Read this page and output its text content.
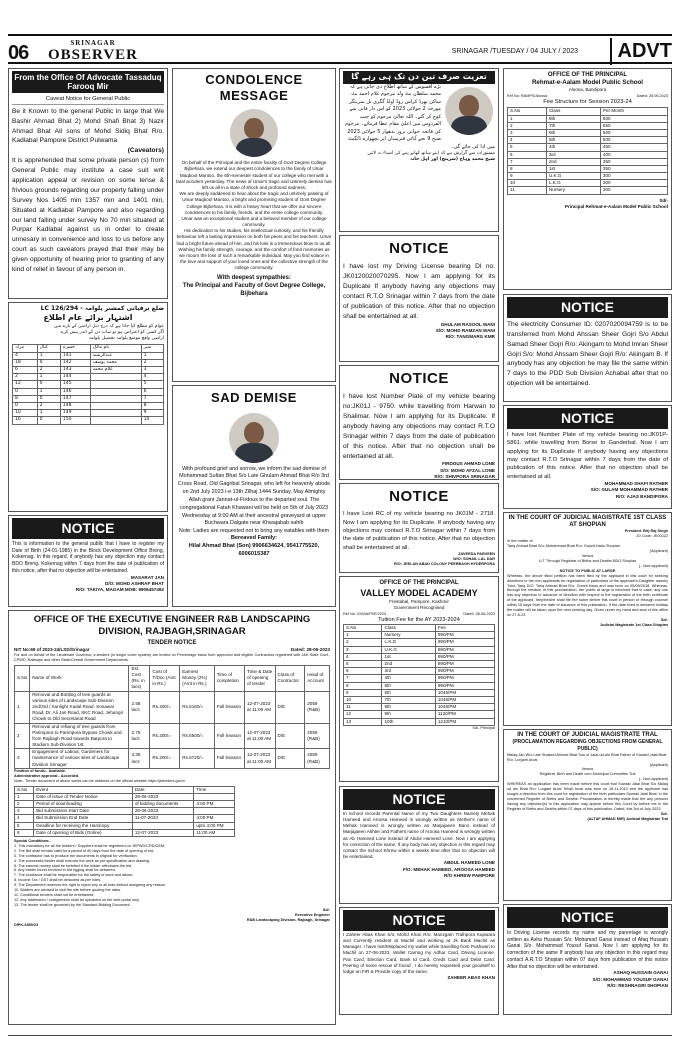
06	SRINAGAR
OBSERVER	SRINAGAR /TUESDAY / 04 JULY / 2023	ADVT
From the Office Of Advocate Tassaduq Farooq Mir
Caveat Notice for General Public
Be it Known to the general Public in large that We Bashir Ahmad Bhat 2) Mohd Shafi Bhat 3) Nazir Ahmad Bhat All sons of Mohd Sidiq Bhat R/o. Kadlabal Pampore District Pulwama
(Caveators)
It is apprehended that some private person (s) from General Public may institute a case suit writ application appeal or revision on some tense & frivlous grounds regarding our property falling under Survey Nos 1405 min 1357 min and 1401 min, Situated at Kadlabal Pampore and also regarding our land falling under survey No 70 min situated at Purpar Kadlabal against us in order to create unnesary in convenience and loss to us before any court as such caveators prayed that their may be given opportunity of hearing prior to granting of any kind of relief in favour of any person in.
ضلع ترقیاتی کمشنر پلوامہ - 126/294 LC
اشتہار برائے عام اطلاع
عوام کو مطلع کیا جاتا ہے کہ درج ذیل اراضی کے بارے میں
اگر کسی کو اعتراض ہو تو سات دن کے اندر پیش کرے
اراضی واقع موضع پلوامہ تحصیل پلوامہ
نمبر	نام مالک	خسرہ	کنال	مرلہ
1	عبدالرشید	141	1	4
2	محمد یوسف	142	0	18
3	غلام محمد	143	2	6
4		144	1	2
5		145	0	12
6		146	1	0
7		147	0	8
8		148	2	0
9		149	1	10
10		150	0	16
NOTICE
This is information to the general public that I have to register my Date of Birth (24-01-1985) in the Block Development Office Breng, Kokernag. In this regard, if anybody has any objection may contact BDO Breng, Kokernag within 7 days from the date of publication of this notice, after that no objection will be entertained.
MASARAT JAN
D/O: MOHD ASHRAF BHAT
R/O: TAKIYA, MAGAM MOB: 9906457492
CONDOLENCE MESSAGE
On behalf of the Principal and the entire faculty of Govt Degree College Bijbehara, we extend our deepest condolences to the family of Umar Maqbool Mantoo, the 6th-semester student of our college who met with a fatal accident yesterday. The news of Umar's tragic and untimely demise has left us all in a state of shock and profound sadness.
We are deeply saddened to hear about the tragic and untimely passing of Umar Maqbool Mantoo, a bright and promising student of Govt Degree College Bijbehara. It is with a heavy heart that we offer our sincere condolences to his family, friends, and the entire college community.
Umar was an exceptional student and a beloved member of our college community.
His dedication to his studies, his intellectual curiosity, and his friendly behaviour left a lasting impression on both his peers and his teachers. Umar had a bright future ahead of him, and his loss is a tremendous blow to us all.
Wishing his family strength, courage, and the comfort of fond memories as we mourn the loss of such a remarkable individual. May you find solace in the love and support of your loved ones and the collective strength of the college community.
With deepest sympathies:
The Principal and Faculty of Govt Degree College, Bijbehara
SAD DEMISE
With profound grief and sorrow, we inform the sad demise of Mohammad Sultan Bhat S/o Late Ghulam Ahmad Bhat R/o 3rd Cross Road, Old Gagribal Srinagar, who left for heavenly abode on 2nd July 2023 i-e 13th Zilhaj 1444 Sunday. May Almighty Allah grant Jannat-ul-Firdous to the departed soul. The congregational Fatah Khawani will be held on 5th of July 2023 Wednesday at 9:00 AM at their ancestral graveyard at upper Buchwara Dalgate near Khwajabab sahib
Note: Ladies are requested not to bring any eatables with them
Bereaved Family:
Hilal Ahmad Bhat (Son) 9906634624, 9541775520, 6006015387
تعزیت صرف تین دن تک ہی رہے گا
بڑے افسوس کے ساتھ اطلاع دی جاتی ہے کہ محمد سلطان بٹ ولد مرحوم غلام احمد بٹ ساکن تھرڈ کراس روڈ اولڈ گگری بل سرینگر مورخہ 2 جولائی 2023 کو اس دار فانی سے کوچ کر گئے۔ اللہ تعالیٰ مرحوم کو جنت الفردوس میں اعلیٰ مقام عطا فرمائے۔ مرحوم کی فاتحہ خوانی بروز بدھوار 5 جولائی 2023 صبح 9 بجے آبائی قبرستان اپر بچھوارہ ڈلگیٹ میں ادا کی جائے گی۔
مستورات سے گزارش ہے کہ اپنے ساتھ کھانے پینے کی اشیاء نہ لائیں
شیخ محمد وہاج (سرپنچ) اور اہل خانہ
NOTICE
I have lost my Driving License bearing Dl no: JK0120020070295. Now I am applying for its Duplicate If anybody having any objections may contact R.T.O Srinagar within 7 days from the date of publication of this notice. After that no objection shall be entertained at all.
GHULAM RASOOL WANI
S/O: MOHD RAMZAN WANI
R/O: TANGMARG KMR
NOTICE
I have lost Number Plate of my vehicle bearing no:JK01J - 9750. while travelling from Harwan to Shalimar. Now I am applying for its Duplicate. If anybody having any objections may contact R.T.O Srinagar within 7 days from the date of publication of this notice. After that no objection shall be entertained at all.
FIRDOUS AHMAD LONE
S/O: MOHD AFZAL LONE
R/O: SHIVPORA SRINAGAR
NOTICE
I have Lost RC of my vehicle bearing no JK01M - 2718. Now I am applying for its Duplicate. If anybody having any objections may contact R.T.O Srinagar within 7 days from the date of publication of this notice. After that no objection shall be entertained at all.
ZAVEEDA PARVEEN
W/O: SOHAIL LAL DAR
R/O: JEELAN ABAD COLONY PEERBAGH HYDERPORA
OFFICE OF THE PRINCIPAL
VALLEY MODEL ACADEMY
Frestabal, Pampore, Kashmir
Government Recognised
Ref No: GVMA/FEE/2023	Dated: 28-06-2023
Tuition Fee for the AY 2023-2024
S.No	Class	Fee
1	Nursery	990/PM
2	L.K.G	990/PM
3	U.K.G	990/PM
4	1st	990/PM
5	2nd	990/PM
6	3rd	990/PM
7	4th	990/PM
8	5th	990/PM
9	6th	1045/PM
10	7th	1045/PM
11	8th	1045/PM
12	9th	1120/PM
13	10th	1210/PM
Sd/- Principal
NOTICE
In School records Parental Name of my Two Daughters Namely Mehak Hameed and Aroosa Hameed is wrongly written as Mother's name of Mehak Hameed is wrongly written as Marjajaeen Bano instead of Marjajaeen Akhter and Fathers name of Aroosa Hameed is wrongly written as Ab Hameed Lone instead of Abdul Hameed Lone. Now I am applying for correction of the same, If any body has any objection in this regard may contact the School Khrew within a weeks time after that no objection will be entertained.
ABDUL HAMEED LONE
F/O: MEHAK HAMEED, AROOSA HAMEED
R/O KHREW PAMPORE
NOTICE
I Zaheer Abas Khan S/o: Mohd Khan R/o: Manzgam Tralhpora Kupwara and Currently resident at Machil and working at Jk Bank Machil as Manager. I have lost/Misplaced my wallet while travelling from Pushwari to Machil on 27-06-2023. Wallet Carring my Adhar Card, Driving License, Pan Card, Election Card, Bank Id Card, Credit Card and Debit Card. Peering of some rescue of found , I do hereby requested your goodself to lodge an FIR & Provide copy of the same.
ZAHEER ABAS KHAN
OFFICE OF THE PRINCIPAL
Rehmat-e-Aalam Model Public School
Aloosa, Bandipora
Ref No: RAMPS/Aloosa	Dated: 28.06.2023
Fee Structure for Session 2023-24
S.No	Class	Per Month
1	8th	600
2	7th	550
3	6th	500
4	5th	500
5	4th	450
6	3rd	400
7	2nd	350
8	1st	350
9	U.K.G	300
10	L.K.G	300
11	Nursery	300
Sd/-
Principal Rehmat-e-Aalam Model Public School
NOTICE
The electricity Consumer ID: 0207020094759 is to be transferred from Mohd Ahssan Sheer Gojri S/o Abdul Samad Sheer Gojri R/o: Akingam to Mohd Imran Sheer Gojri S/o: Mohd Ahssam Sheer Gojri R/o: Akingam B. If anybody has any objection he may file the same within 7 days to the PDD Sub Division Achabal after that no objection will be entertained.
NOTICE
I have lost Number Plate of my vehicle bearing no:JK01P-5861. while travelling from Borse to Ganderbal. Now I am applying for its Duplicate If anybody having any objections may contact R.T.O Srinagar within 7 days from the date of publication of this notice. After that no objection shall be entertained at all.
MOHAMMAD SHAFI RATHER
S/O: GULAM MOHAMMAD RATHER
R/O: AJAS BANDIPORA
IN THE COURT OF JUDICIAL MAGISTRATE 1ST CLASS AT SHOPIAN
Presided: Brij Raj Singh
JO Code: JK00222
In the matter of
Tariq Ahmad Bhat S/o: Mohammad Bhat R/o: Gunzil-Hadu Shopian
(Applicant)
Versus
U.T Through Registrar of Births and Deaths BDO Shopian
(...Non-applicant)
NOTICE TO PUBLIC AT LARGE
Whereas, the above titled petition has been filed by the applicant in this court for seeking directions to the non-applicants for registration of particulars of the applicant's Daughter namely Tuba Tariq D/O. Tariq Ahmad Bhat R/o: Gunzil-Hadu and was born on 05/09/2018. Whereas, through the medium of this proclamation, the public at large is informed that in case, any one has any objection in issuance of direction with respect to the registration of the birth certificate of the applicant, they/he/she shall file the same before this court in person or through counsel within 15 days from the date of issuance of this publication. If the date fixed is declared holiday the matter will be taken upon the next working day. Given under my hand and seal of this office on 27-6-23
Sd/-
Judicial Magistrate 1st Class Shopian
IN THE COURT OF JUDICIAL MAGISTRATE TRAL
(PROCLAMATION REGARDING OBJECTIONS FROM GENERAL PUBLIC)
Malaq Jan W/o Late Shakeel Ahmad Bhat Son of Jalal-ud-din Bhat Father of Suwaid Jalal Bhat R/o: Lurgam Arcal
(Applicant)
Versus
Registrar, Birth and Death cum Municipal Committee Tral
(...Non-applicant)
WHEREAS an application has been made before this court that Suwaid Jalal Bhat S/o Malaq ud din Bhat R/o: Lurgam Arcal Tehsil Arcal was born on 18.11.2010 and the applicant has sought a direction from this court for registration of the birth particulars Suwaid Jalal Bhat, in the concerned Register of Births and Deaths. Proclamation is hereby made that the any persons having any objection(s) to this application may appear before this Court by before me in the Register of Births and Deaths within 07 days of this publication. Dated, this 3rd of July 2023
Sd/-
(ALTAF AHMAD MIR) Judicial Magistrate Tral
NOTICE
In Driving License records my name and my parentage is wrongly written as Asha Hussain S/o: Mohamad Ganai instead of Afaq Hussain Ganai S/o. Mohammad Yousuf Ganai. Now I am applying for its correction of the same If anybody has any objection in this regard may contact A.R.T.O Shopian within 07 days from publication of this notice After that no objection will be entertained.
ASHAQ HUSSAIN GANAI
S/O: MOHAMMAD YOUSUF GANAI
R/O: RESHNAGRI SHOPIAN
OFFICE OF THE EXECUTIVE ENGINEER R&B LANDSCAPING DIVISION, RAJBAGH,SRINAGAR
TENDER NOTICE
NIT No:69 of 2023-24/LSD/Srinagar	Dated: 28-06-2023
For and on behalf of the Lieutenant Governor, e-tenders (in single cover system) are invited on Percentage basis from approved and eligible Contractors registered with J&K State Govt., CPWD, Railways and other State/Central Government Departments.
S.No	Name of Work	Est. Cost (Rs. in lacs)	Cost of T/Doc (Amt in Rs.)	Earnest Money (2%) (Amt in Rs.)	Time of completion	Time & Date of opening of tender	Class of Contractor	Head of Account
1	Removal and Bottling of tree guards at various sites of Landscape Sub-Division 2nd/3rd / Sunlight Kadal Road, Sonawar Road, Dr. Ali Jan Road, SKC Road, Jehangir Chowk to Old Secretariat Road	2.58 lacs	Rs.200/=	Rs.5160/=	Fall Season	12-07-2023 at 11:00 AM	D/E	2059 (R&B)
2	Removal and refixing of tree guards from Parimpora to Parimpora Bypass Chowk and from Rajbagh Road towards Batpora to Stadium Sub-Division 1st	2.75 lacs	Rs.200/=	Rs.5500/=	Fall Season	12-07-2023 at 11:00 AM	D/E	2059 (R&B)
3	Engagement of Labour, Gardeners for maintenance of various sites of Landscape Division Srinagar	3.36 lacs	Rs.200/=	Rs.6720/=	Fall Season	12-07-2023 at 11:00 AM	D/E	2059 (R&B)
Position of funds:- Available.
Administrative approval:- Accorded.
Note:- Tender document of above works can be obtained on the official website https://jktenders.gov.in
S.No	Event	Date	Time
1	Date of issue of Tender Notice	28-06-2023	
2	Period of downloading	of bidding documents	4:00 PM
3	Bid submission Start Date	28-06-2023	
4	Bid Submission End Date	11-07-2023	4:00 PM
5	Deadline for receiving the Hardcopy		upto 4:00 PM
6	Date of opening of Bids (Online)	12-07-2023	11:00 AM
Special Conditions:-
1. This mandatory for all the bidders / Suppliers shall be registered on JKPWD/CRD/GEM.
2. The Bid shall remain valid for a period of 90 days from the date of opening of bid.
3. The contractor has to produce the documents in original for verification.
4. The successful bidder shall execute the work as per specification and drawing.
5. The earnest money shall be forfeited if the bidder withdraws the bid.
6. Any bidder found involved in bid rigging shall be debarred.
7. The contractor shall be responsible for the safety of work and labour.
8. Income Tax / GST shall be deducted as per rules.
9. The Department reserves the right to reject any or all bids without assigning any reason.
10. Bidders are advised to visit the site before quoting the rates.
11. Conditional tenders shall not be entertained.
12. Any addendum / corrigendum shall be uploaded on the web portal only.
13. The tender shall be governed by the Standard Bidding Document.
Sd/-
Executive Engineer
R&B Landscaping Division, Rajbagh, Srinagar
DIPK-4359/23
